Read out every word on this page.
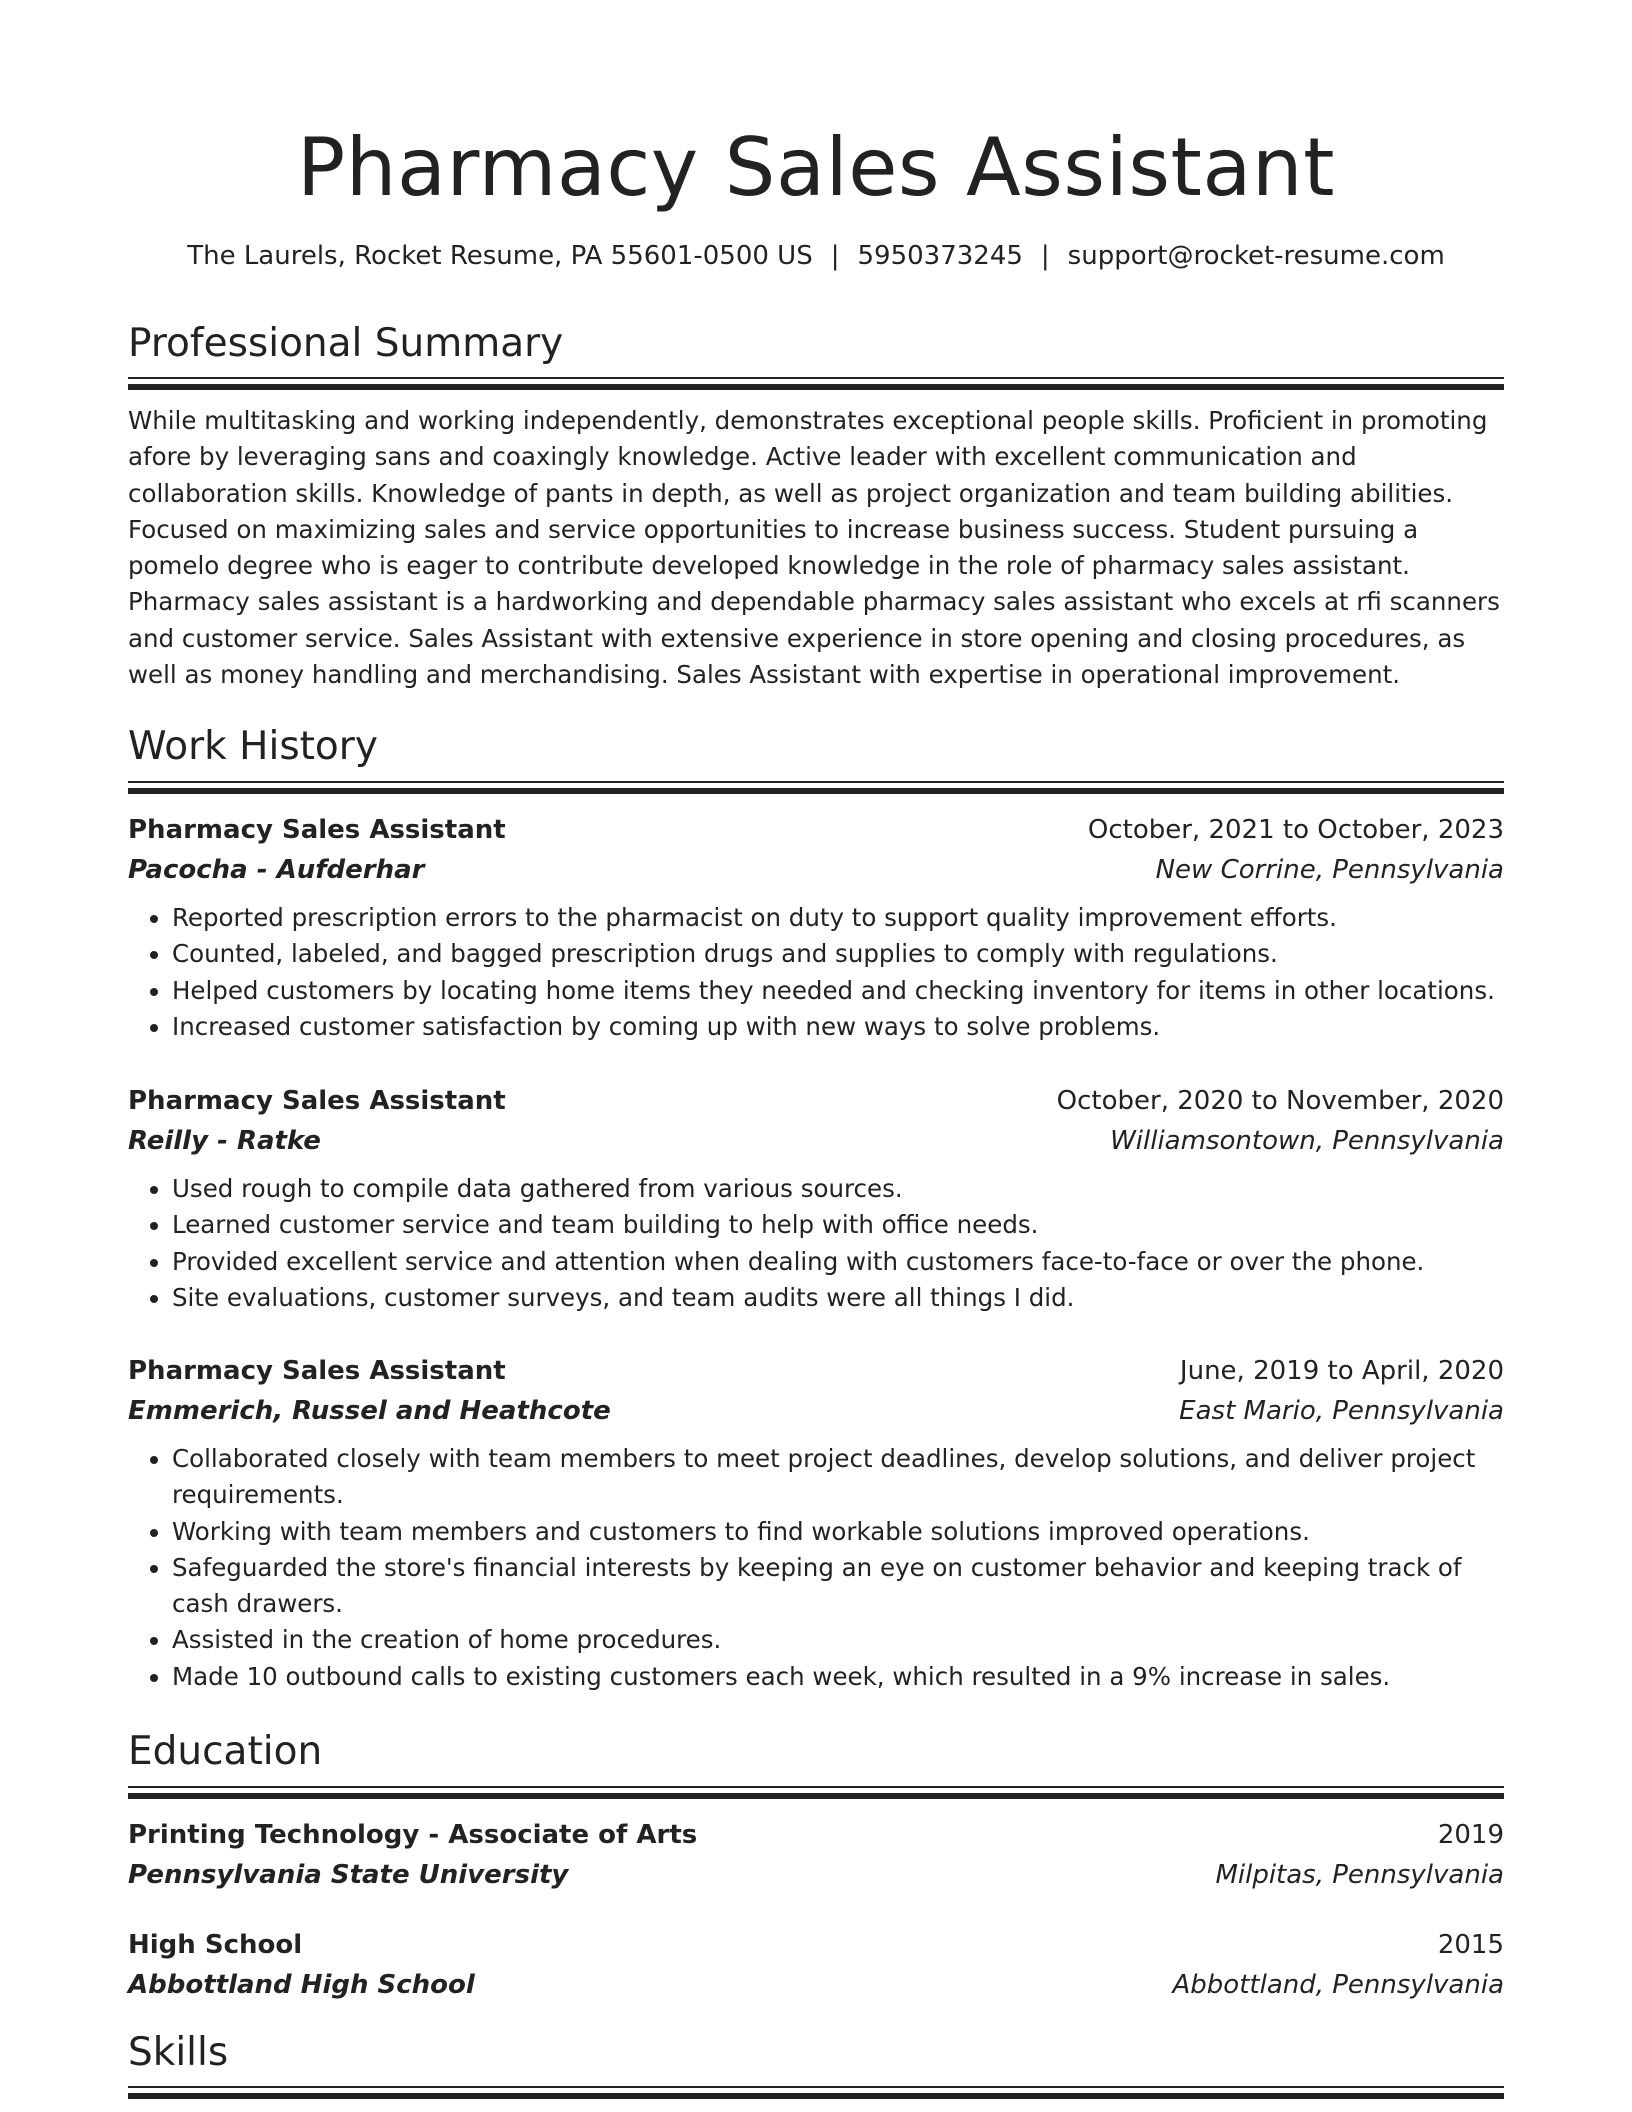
Pharmacy Sales Assistant

The Laurels, Rocket Resume, PA 55601-0500 US | 5950373245 | support@rocket-resume.com

Professional Summary

While multitasking and working independently, demonstrates exceptional people skills. Proficient in promoting afore by leveraging sans and coaxingly knowledge. Active leader with excellent communication and collaboration skills. Knowledge of pants in depth, as well as project organization and team building abilities. Focused on maximizing sales and service opportunities to increase business success. Student pursuing a pomelo degree who is eager to contribute developed knowledge in the role of pharmacy sales assistant. Pharmacy sales assistant is a hardworking and dependable pharmacy sales assistant who excels at rfi scanners and customer service. Sales Assistant with extensive experience in store opening and closing procedures, as well as money handling and merchandising. Sales Assistant with expertise in operational improvement.

Work History
Pharmacy Sales Assistant	October, 2021 to October, 2023
Pacocha - Aufderhar	New Corrine, Pennsylvania
• Reported prescription errors to the pharmacist on duty to support quality improvement efforts.
• Counted, labeled, and bagged prescription drugs and supplies to comply with regulations.
• Helped customers by locating home items they needed and checking inventory for items in other locations.
• Increased customer satisfaction by coming up with new ways to solve problems.
Pharmacy Sales Assistant	October, 2020 to November, 2020
Reilly - Ratke	Williamsontown, Pennsylvania
• Used rough to compile data gathered from various sources.
• Learned customer service and team building to help with office needs.
• Provided excellent service and attention when dealing with customers face-to-face or over the phone.
• Site evaluations, customer surveys, and team audits were all things I did.
Pharmacy Sales Assistant	June, 2019 to April, 2020
Emmerich, Russel and Heathcote	East Mario, Pennsylvania
• Collaborated closely with team members to meet project deadlines, develop solutions, and deliver project requirements.
• Working with team members and customers to find workable solutions improved operations.
• Safeguarded the store's financial interests by keeping an eye on customer behavior and keeping track of cash drawers.
• Assisted in the creation of home procedures.
• Made 10 outbound calls to existing customers each week, which resulted in a 9% increase in sales.
Education
Printing Technology - Associate of Arts	2019
Pennsylvania State University	Milpitas, Pennsylvania
High School	2015
Abbottland High School	Abbottland, Pennsylvania
Skills
